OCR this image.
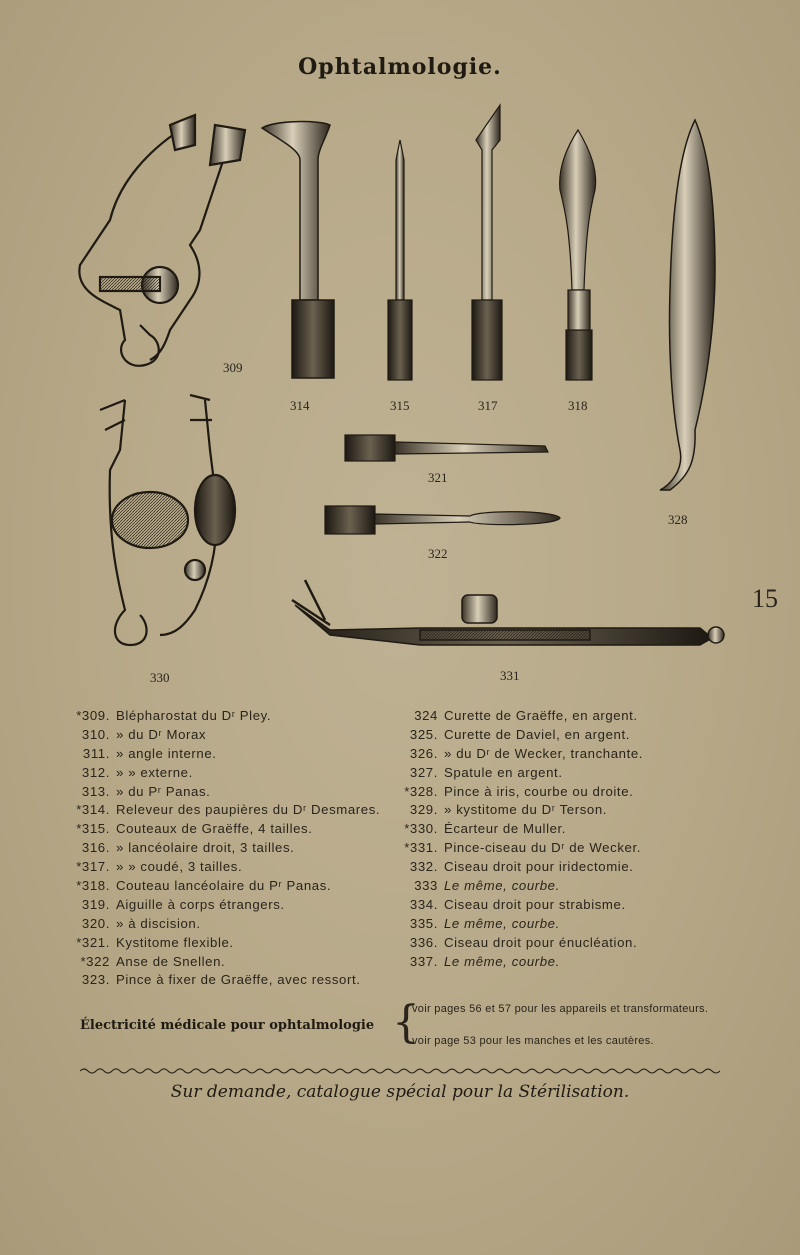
Ophtalmologie.
15
309
314	315	317	318
321
322
328
330	331
*309. Blépharostat du Dʳ Pley.
310. » du Dʳ Morax
311. » angle interne.
312. » » externe.
313. » du Pʳ Panas.
*314. Releveur des paupières du Dʳ Desmares.
*315. Couteaux de Graëffe, 4 tailles.
316. » lancéolaire droit, 3 tailles.
*317. » » coudé, 3 tailles.
*318. Couteau lancéolaire du Pʳ Panas.
319. Aiguille à corps étrangers.
320. » à discision.
*321. Kystitome flexible.
*322 Anse de Snellen.
323. Pince à fixer de Graëffe, avec ressort.
324 Curette de Graëffe, en argent.
325. Curette de Daviel, en argent.
326. » du Dʳ de Wecker, tranchante.
327. Spatule en argent.
*328. Pince à iris, courbe ou droite.
329. » kystitome du Dʳ Terson.
*330. Écarteur de Muller.
*331. Pince-ciseau du Dʳ de Wecker.
332. Ciseau droit pour iridectomie.
333 Le même, courbe.
334. Ciseau droit pour strabisme.
335. Le même, courbe.
336. Ciseau droit pour énucléation.
337. Le même, courbe.
Électricité médicale pour ophtalmologie {
voir pages 56 et 57 pour les appareils et transformateurs.
voir page 53 pour les manches et les cautères.
Sur demande, catalogue spécial pour la Stérilisation.
